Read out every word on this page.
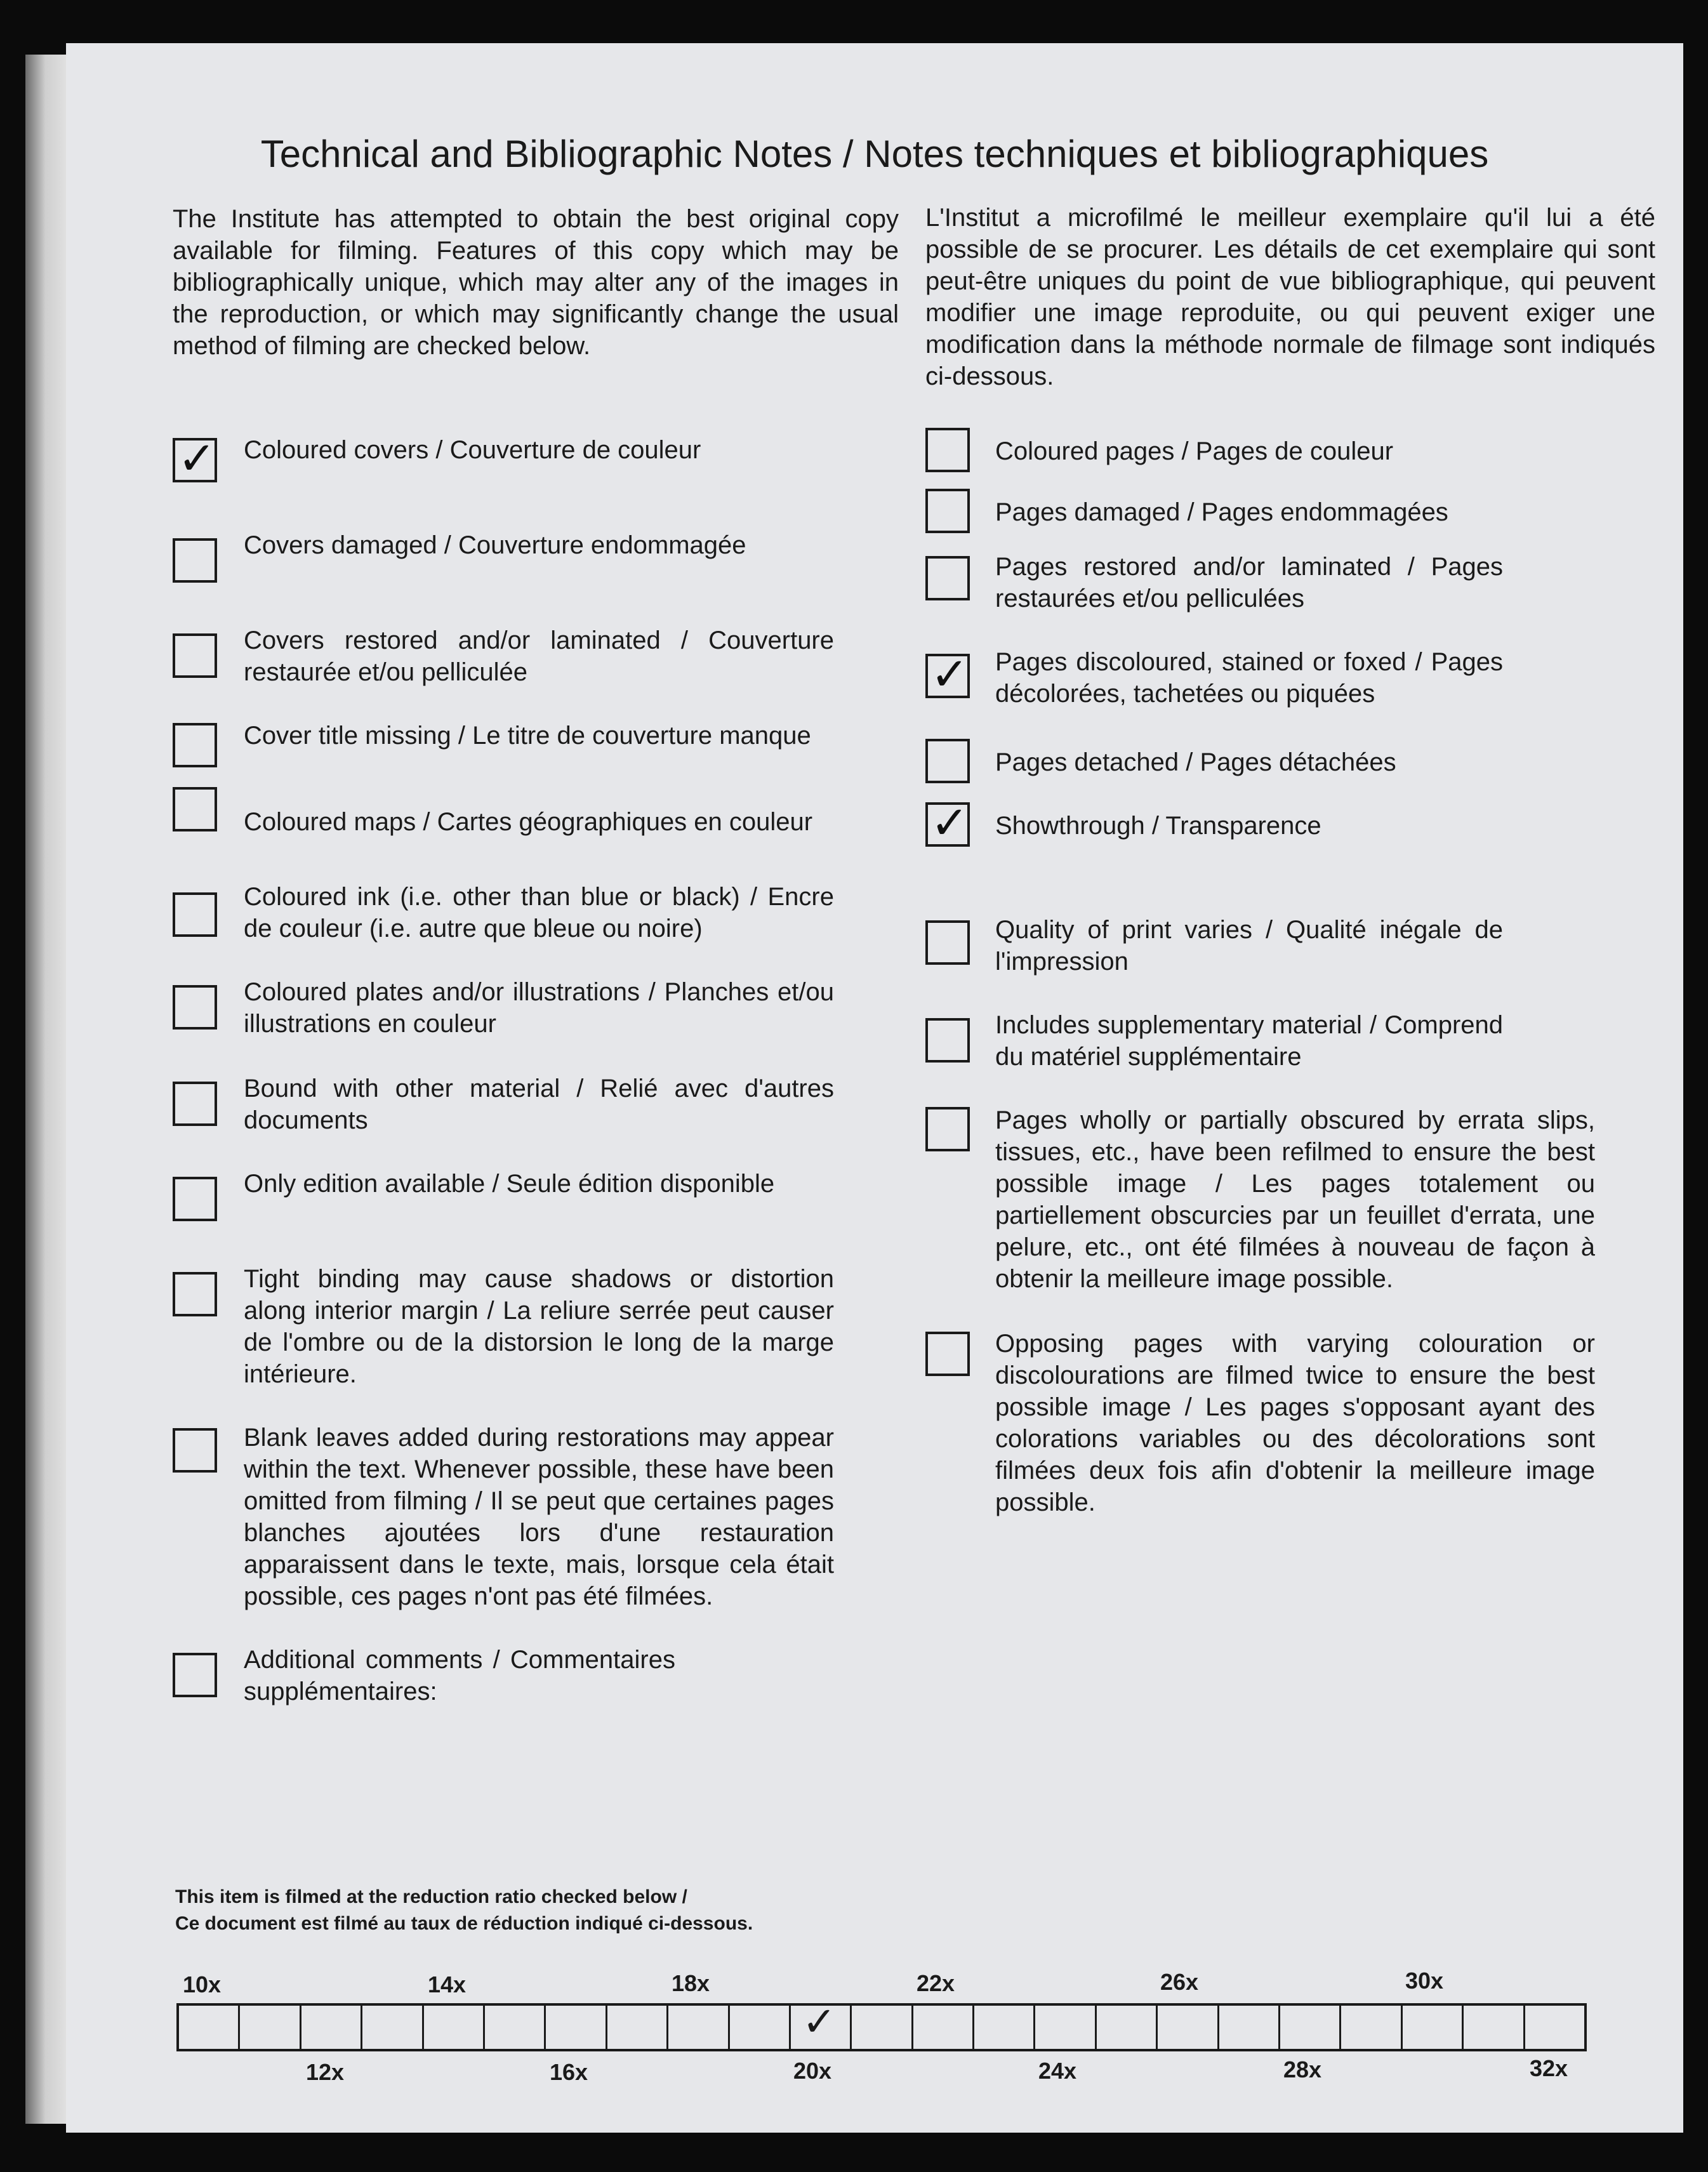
Technical and Bibliographic Notes / Notes techniques et bibliographiques
The Institute has attempted to obtain the best original copy available for filming. Features of this copy which may be bibliographically unique, which may alter any of the images in the reproduction, or which may significantly change the usual method of filming are checked below.
L'Institut a microfilmé le meilleur exemplaire qu'il lui a été possible de se procurer. Les détails de cet exemplaire qui sont peut-être uniques du point de vue bibliographique, qui peuvent modifier une image reproduite, ou qui peuvent exiger une modification dans la méthode normale de filmage sont indiqués ci-dessous.
✓ Coloured covers / Couverture de couleur
Covers damaged / Couverture endommagée
Covers restored and/or laminated / Couverture restaurée et/ou pelliculée
Cover title missing / Le titre de couverture manque
Coloured maps / Cartes géographiques en couleur
Coloured ink (i.e. other than blue or black) / Encre de couleur (i.e. autre que bleue ou noire)
Coloured plates and/or illustrations / Planches et/ou illustrations en couleur
Bound with other material / Relié avec d'autres documents
Only edition available / Seule édition disponible
Tight binding may cause shadows or distortion along interior margin / La reliure serrée peut causer de l'ombre ou de la distorsion le long de la marge intérieure.
Blank leaves added during restorations may appear within the text. Whenever possible, these have been omitted from filming / Il se peut que certaines pages blanches ajoutées lors d'une restauration apparaissent dans le texte, mais, lorsque cela était possible, ces pages n'ont pas été filmées.
Additional comments / Commentaires supplémentaires:
Coloured pages / Pages de couleur
Pages damaged / Pages endommagées
Pages restored and/or laminated / Pages restaurées et/ou pelliculées
✓ Pages discoloured, stained or foxed / Pages décolorées, tachetées ou piquées
Pages detached / Pages détachées
✓ Showthrough / Transparence
Quality of print varies / Qualité inégale de l'impression
Includes supplementary material / Comprend du matériel supplémentaire
Pages wholly or partially obscured by errata slips, tissues, etc., have been refilmed to ensure the best possible image / Les pages totalement ou partiellement obscurcies par un feuillet d'errata, une pelure, etc., ont été filmées à nouveau de façon à obtenir la meilleure image possible.
Opposing pages with varying colouration or discolourations are filmed twice to ensure the best possible image / Les pages s'opposant ayant des colorations variables ou des décolorations sont filmées deux fois afin d'obtenir la meilleure image possible.
This item is filmed at the reduction ratio checked below /
Ce document est filmé au taux de réduction indiqué ci-dessous.
10x	14x	18x	22x	26x	30x
✓
12x	16x	20x	24x	28x	32x
